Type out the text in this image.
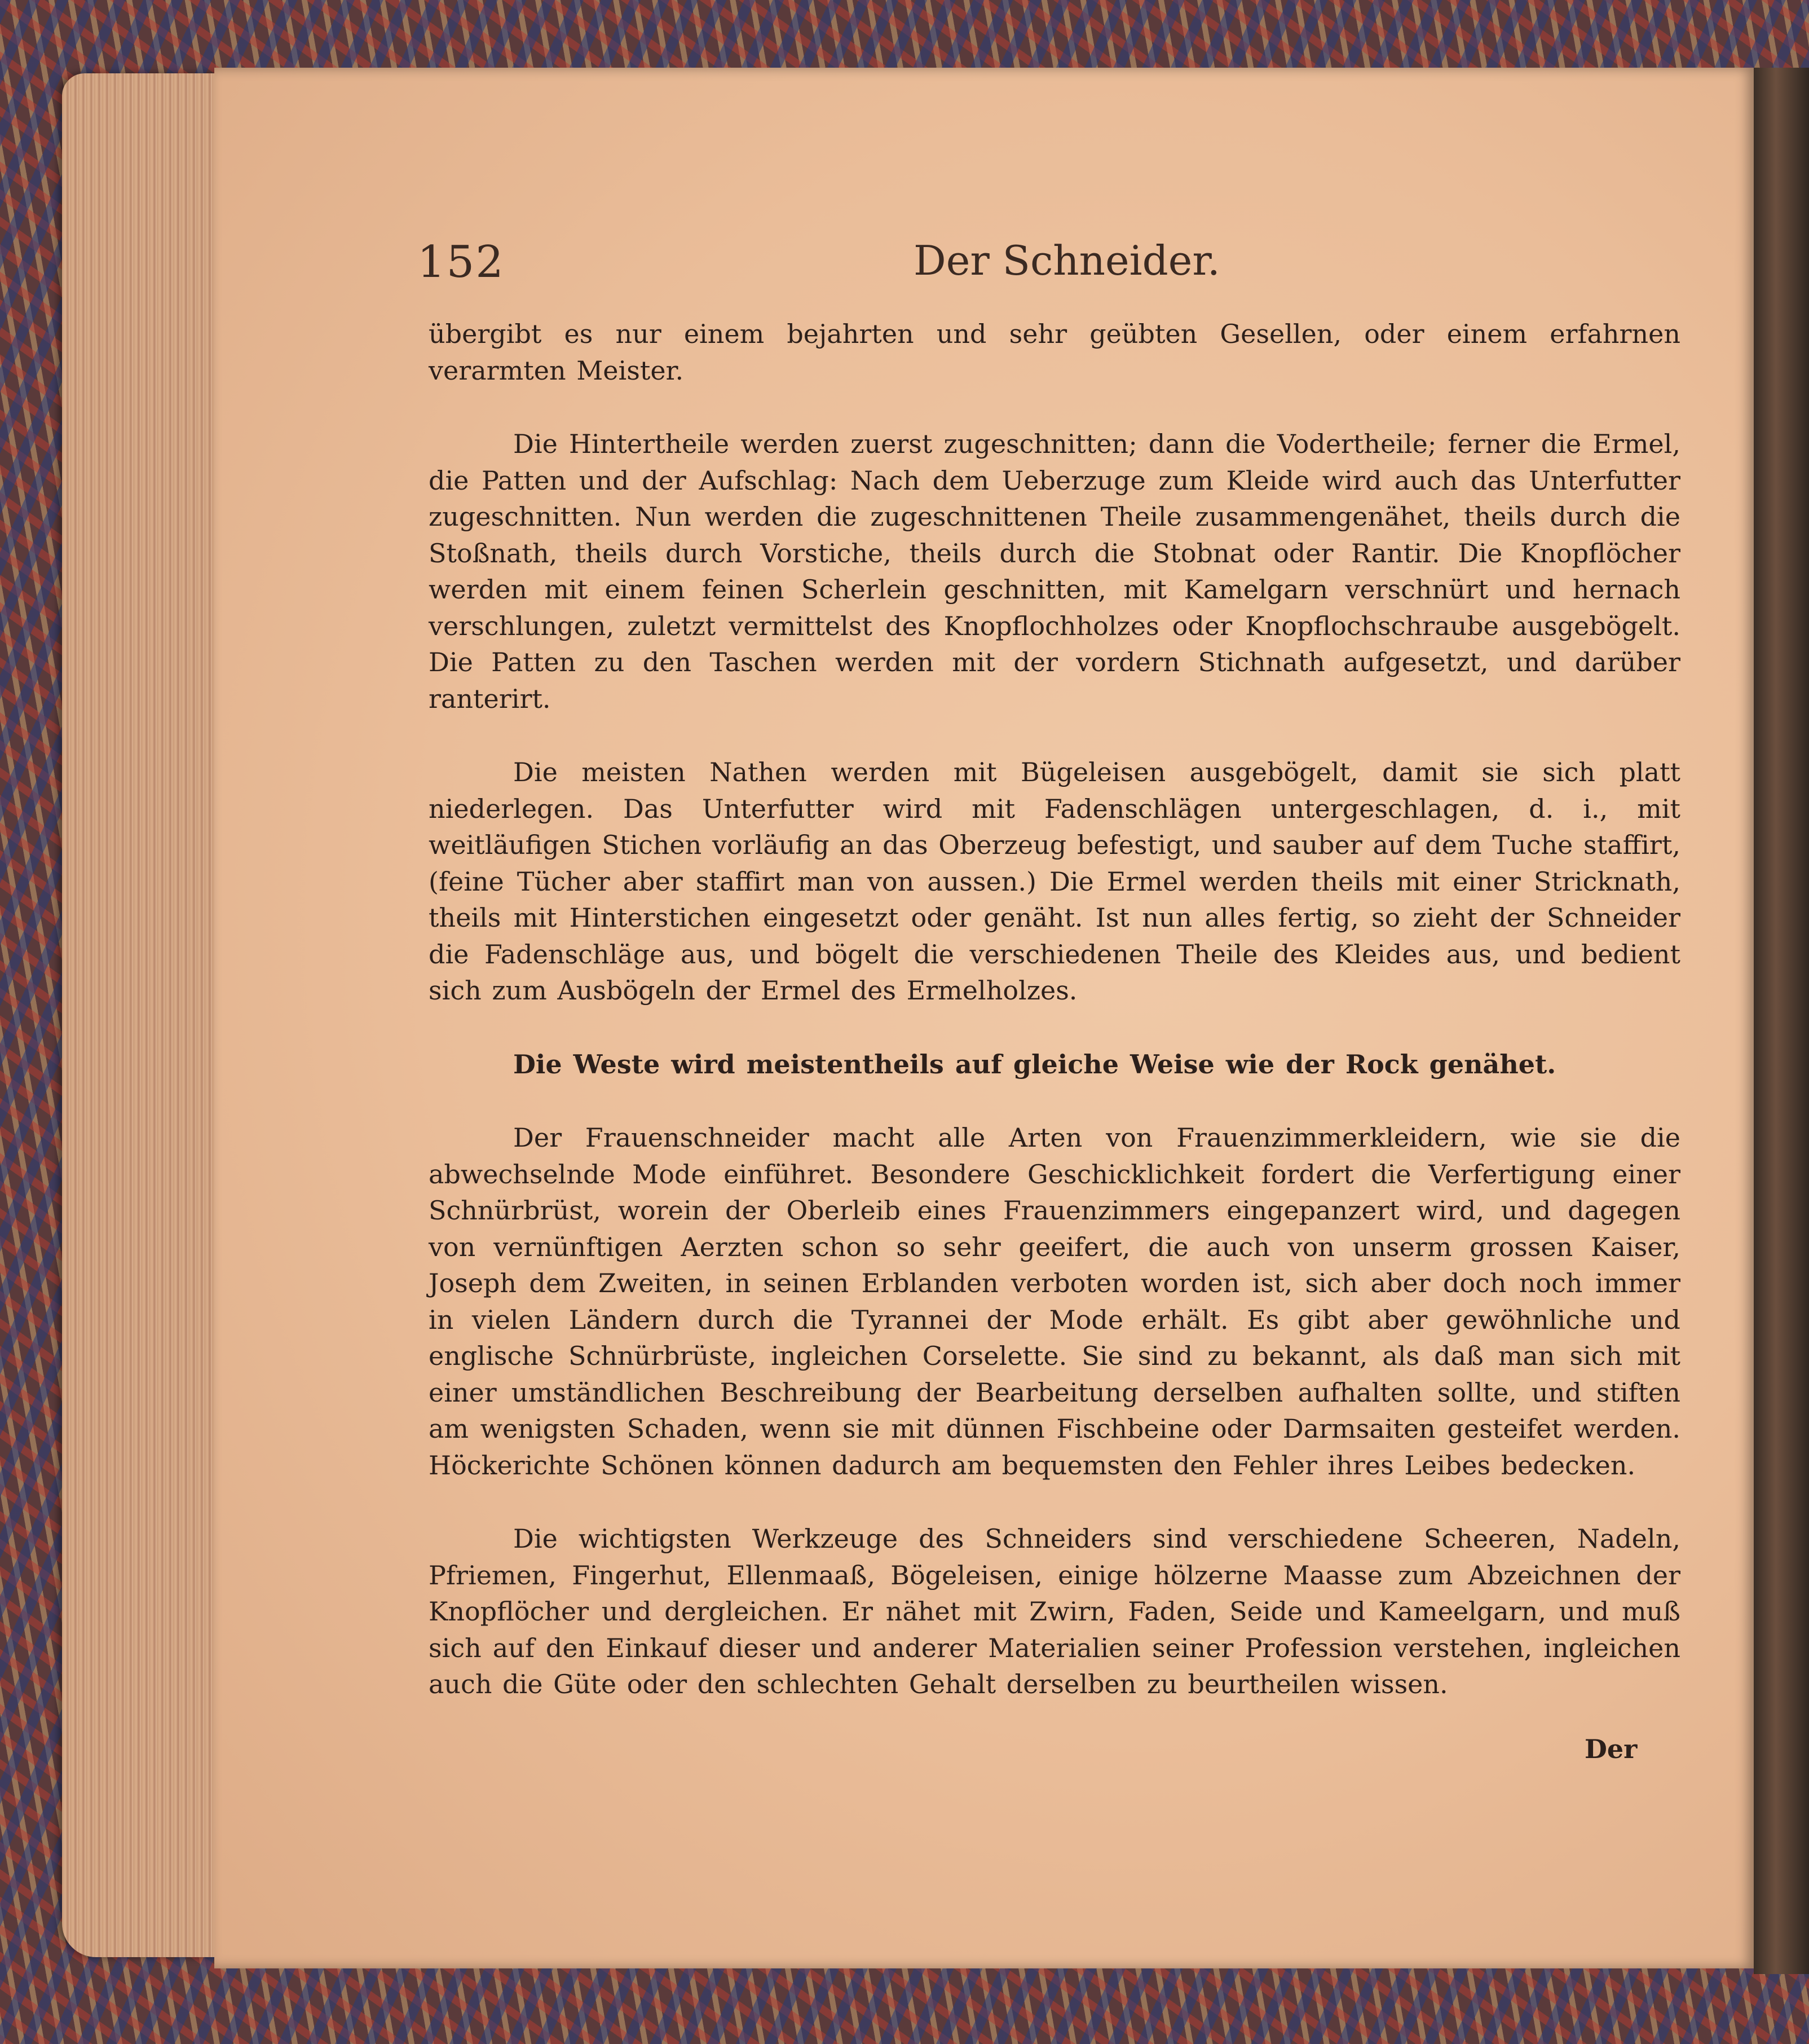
152	Der Schneider.

übergibt es nur einem bejahrten und sehr geübten Gesellen, oder einem erfahrnen verarmten Meister.

Die Hintertheile werden zuerst zugeschnitten; dann die Vodertheile; ferner die Ermel, die Patten und der Aufschlag: Nach dem Ueberzuge zum Kleide wird auch das Unterfutter zugeschnitten. Nun werden die zugeschnittenen Theile zusammengenähet, theils durch die Stoßnath, theils durch Vorstiche, theils durch die Stobnat oder Rantir. Die Knopflöcher werden mit einem feinen Scherlein geschnitten, mit Kamelgarn verschnürt und hernach verschlungen, zuletzt vermittelst des Knopflochholzes oder Knopflochschraube ausgebögelt. Die Patten zu den Taschen werden mit der vordern Stichnath aufgesetzt, und darüber ranterirt.

Die meisten Nathen werden mit Bügeleisen ausgebögelt, damit sie sich platt niederlegen. Das Unterfutter wird mit Fadenschlägen untergeschlagen, d. i., mit weitläufigen Stichen vorläufig an das Oberzeug befestigt, und sauber auf dem Tuche staffirt, (feine Tücher aber staffirt man von aussen.) Die Ermel werden theils mit einer Stricknath, theils mit Hinterstichen eingesetzt oder genäht. Ist nun alles fertig, so zieht der Schneider die Fadenschläge aus, und bögelt die verschiedenen Theile des Kleides aus, und bedient sich zum Ausbögeln der Ermel des Ermelholzes.

Die Weste wird meistentheils auf gleiche Weise wie der Rock genähet.

Der Frauenschneider macht alle Arten von Frauenzimmerkleidern, wie sie die abwechselnde Mode einführet. Besondere Geschicklichkeit fordert die Verfertigung einer Schnürbrüst, worein der Oberleib eines Frauenzimmers eingepanzert wird, und dagegen von vernünftigen Aerzten schon so sehr geeifert, die auch von unserm grossen Kaiser, Joseph dem Zweiten, in seinen Erblanden verboten worden ist, sich aber doch noch immer in vielen Ländern durch die Tyrannei der Mode erhält. Es gibt aber gewöhnliche und englische Schnürbrüste, ingleichen Corselette. Sie sind zu bekannt, als daß man sich mit einer umständlichen Beschreibung der Bearbeitung derselben aufhalten sollte, und stiften am wenigsten Schaden, wenn sie mit dünnen Fischbeine oder Darmsaiten gesteifet werden. Höckerichte Schönen können dadurch am bequemsten den Fehler ihres Leibes bedecken.

Die wichtigsten Werkzeuge des Schneiders sind verschiedene Scheeren, Nadeln, Pfriemen, Fingerhut, Ellenmaaß, Bögeleisen, einige hölzerne Maasse zum Abzeichnen der Knopflöcher und dergleichen. Er nähet mit Zwirn, Faden, Seide und Kameelgarn, und muß sich auf den Einkauf dieser und anderer Materialien seiner Profession verstehen, ingleichen auch die Güte oder den schlechten Gehalt derselben zu beurtheilen wissen.

Der
